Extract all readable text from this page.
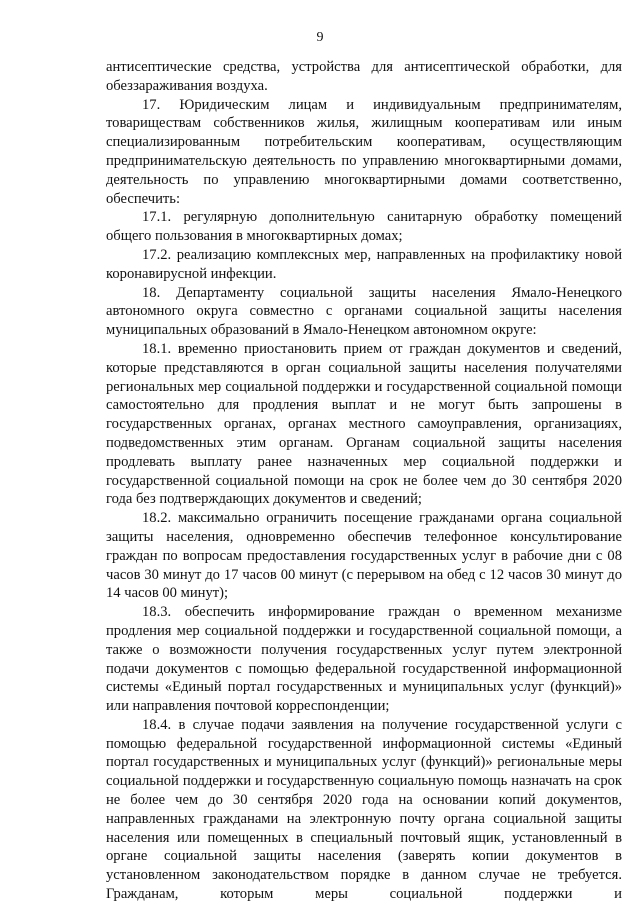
9

антисептические средства, устройства для антисептической обработки, для обеззараживания воздуха.

17. Юридическим лицам и индивидуальным предпринимателям, товариществам собственников жилья, жилищным кооперативам или иным специализированным потребительским кооперативам, осуществляющим предпринимательскую деятельность по управлению многоквартирными домами, деятельность по управлению многоквартирными домами соответственно, обеспечить:

17.1. регулярную дополнительную санитарную обработку помещений общего пользования в многоквартирных домах;

17.2. реализацию комплексных мер, направленных на профилактику новой коронавирусной инфекции.

18. Департаменту социальной защиты населения Ямало-Ненецкого автономного округа совместно с органами социальной защиты населения муниципальных образований в Ямало-Ненецком автономном округе:

18.1. временно приостановить прием от граждан документов и сведений, которые представляются в орган социальной защиты населения получателями региональных мер социальной поддержки и государственной социальной помощи самостоятельно для продления выплат и не могут быть запрошены в государственных органах, органах местного самоуправления, организациях, подведомственных этим органам. Органам социальной защиты населения продлевать выплату ранее назначенных мер социальной поддержки и государственной социальной помощи на срок не более чем до 30 сентября 2020 года без подтверждающих документов и сведений;

18.2. максимально ограничить посещение гражданами органа социальной защиты населения, одновременно обеспечив телефонное консультирование граждан по вопросам предоставления государственных услуг в рабочие дни с 08 часов 30 минут до 17 часов 00 минут (с перерывом на обед с 12 часов 30 минут до 14 часов 00 минут);

18.3. обеспечить информирование граждан о временном механизме продления мер социальной поддержки и государственной социальной помощи, а также о возможности получения государственных услуг путем электронной подачи документов с помощью федеральной государственной информационной системы «Единый портал государственных и муниципальных услуг (функций)» или направления почтовой корреспонденции;

18.4. в случае подачи заявления на получение государственной услуги с помощью федеральной государственной информационной системы «Единый портал государственных и муниципальных услуг (функций)» региональные меры социальной поддержки и государственную социальную помощь назначать на срок не более чем до 30 сентября 2020 года на основании копий документов, направленных гражданами на электронную почту органа социальной защиты населения или помещенных в специальный почтовый ящик, установленный в органе социальной защиты населения (заверять копии документов в установленном законодательством порядке в данном случае не требуется. Гражданам, которым меры социальной поддержки и
